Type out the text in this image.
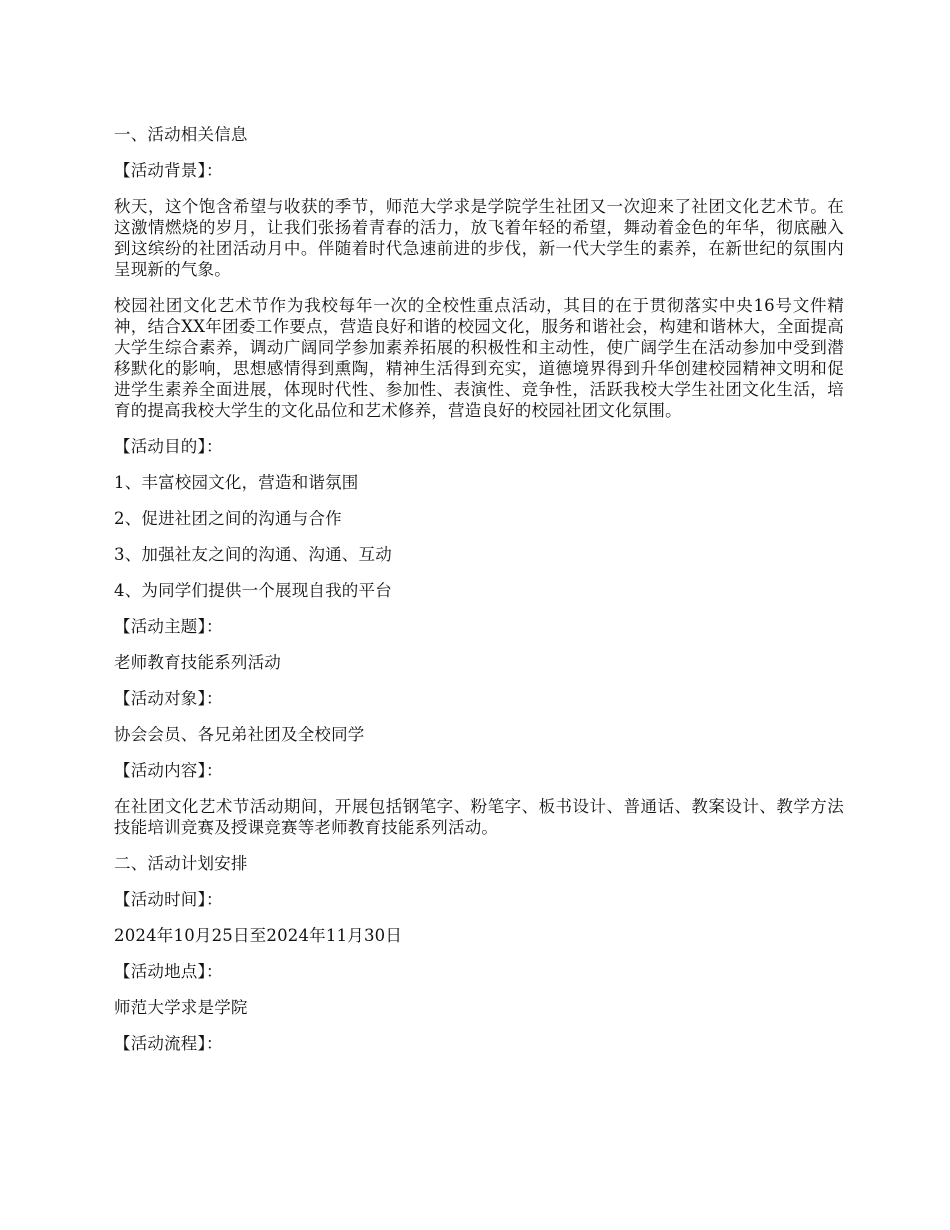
一、活动相关信息

【活动背景】：

秋天，这个饱含希望与收获的季节，师范大学求是学院学生社团又一次迎来了社团文化艺术节。在这激情燃烧的岁月，让我们张扬着青春的活力，放飞着年轻的希望，舞动着金色的年华，彻底融入到这缤纷的社团活动月中。伴随着时代急速前进的步伐，新一代大学生的素养，在新世纪的氛围内呈现新的气象。

校园社团文化艺术节作为我校每年一次的全校性重点活动，其目的在于贯彻落实中央16号文件精神，结合XX年团委工作要点，营造良好和谐的校园文化，服务和谐社会，构建和谐林大，全面提高大学生综合素养，调动广阔同学参加素养拓展的积极性和主动性，使广阔学生在活动参加中受到潜移默化的影响，思想感情得到熏陶，精神生活得到充实，道德境界得到升华创建校园精神文明和促进学生素养全面进展，体现时代性、参加性、表演性、竞争性，活跃我校大学生社团文化生活，培育的提高我校大学生的文化品位和艺术修养，营造良好的校园社团文化氛围。

【活动目的】：

1、丰富校园文化，营造和谐氛围

2、促进社团之间的沟通与合作

3、加强社友之间的沟通、沟通、互动

4、为同学们提供一个展现自我的平台

【活动主题】：

老师教育技能系列活动

【活动对象】：

协会会员、各兄弟社团及全校同学

【活动内容】：

在社团文化艺术节活动期间，开展包括钢笔字、粉笔字、板书设计、普通话、教案设计、教学方法技能培训竞赛及授课竞赛等老师教育技能系列活动。

二、活动计划安排

【活动时间】：

2024年10月25日至2024年11月30日

【活动地点】：

师范大学求是学院

【活动流程】：
